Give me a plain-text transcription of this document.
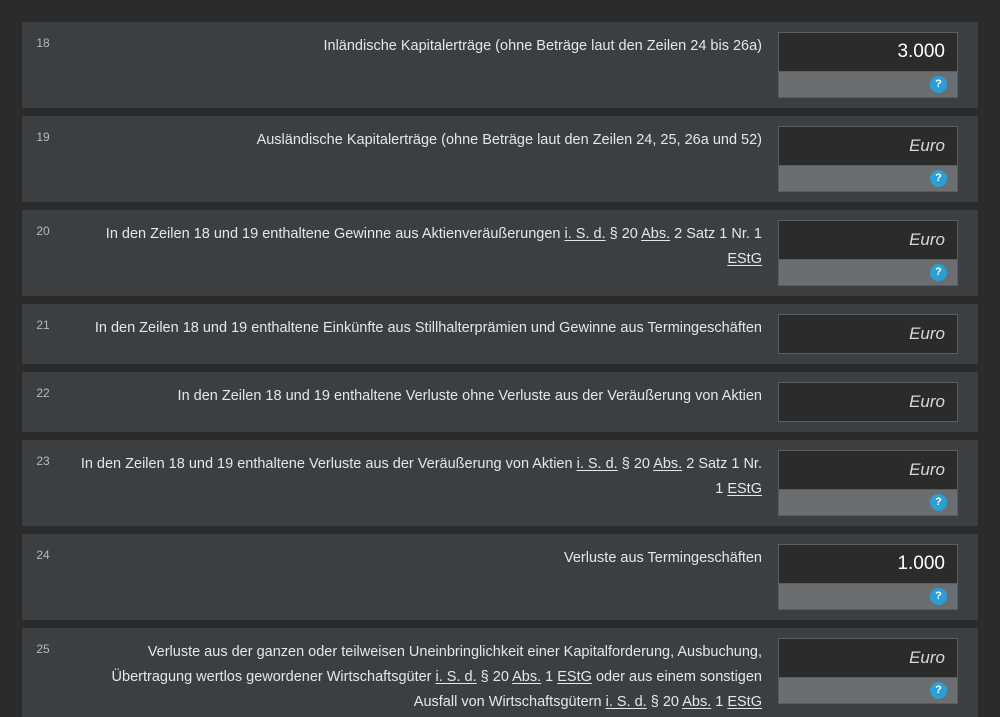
18	Inländische Kapitalerträge (ohne Beträge laut den Zeilen 24 bis 26a)	3.000
?
19	Ausländische Kapitalerträge (ohne Beträge laut den Zeilen 24, 25, 26a und 52)	Euro
?
20	In den Zeilen 18 und 19 enthaltene Gewinne aus Aktienveräußerungen i. S. d. § 20 Abs. 2 Satz 1 Nr. 1 EStG
Euro
?
21	In den Zeilen 18 und 19 enthaltene Einkünfte aus Stillhalterprämien und Gewinne aus Termingeschäften	Euro
22	In den Zeilen 18 und 19 enthaltene Verluste ohne Verluste aus der Veräußerung von Aktien	Euro
23	In den Zeilen 18 und 19 enthaltene Verluste aus der Veräußerung von Aktien i. S. d. § 20 Abs. 2 Satz 1 Nr. 1 EStG
Euro
?
24	Verluste aus Termingeschäften	1.000
?
25	Verluste aus der ganzen oder teilweisen Uneinbringlichkeit einer Kapitalforderung, Ausbuchung, Übertragung wertlos gewordener Wirtschaftsgüter i. S. d. § 20 Abs. 1 EStG oder aus einem sonstigen Ausfall von Wirtschaftsgütern i. S. d. § 20 Abs. 1 EStG
Euro
?
